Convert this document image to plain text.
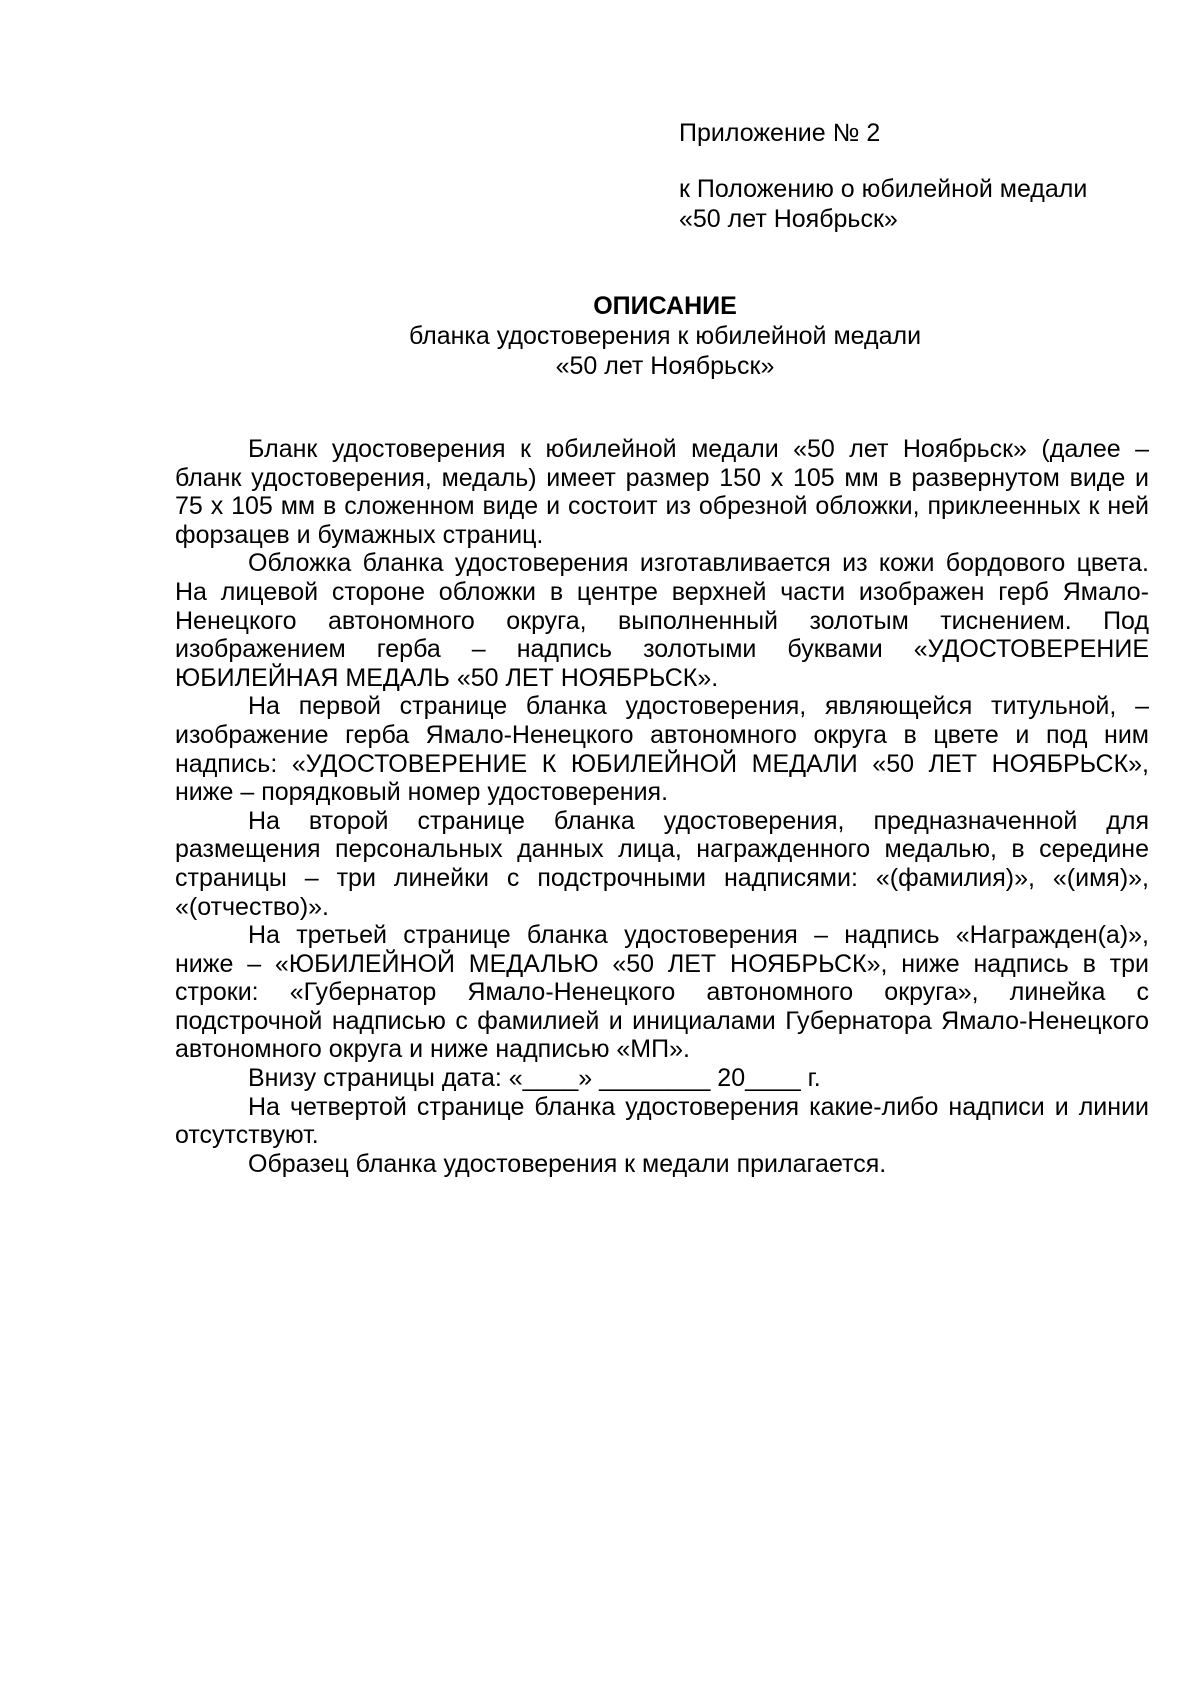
Приложение № 2

к Положению о юбилейной медали

«50 лет Ноябрьск»

ОПИСАНИЕ

бланка удостоверения к юбилейной медали

«50 лет Ноябрьск»

Бланк удостоверения к юбилейной медали «50 лет Ноябрьск» (далее – бланк удостоверения, медаль) имеет размер 150 х 105 мм в развернутом виде и 75 х 105 мм в сложенном виде и состоит из обрезной обложки, приклеенных к ней форзацев и бумажных страниц.

Обложка бланка удостоверения изготавливается из кожи бордового цвета. На лицевой стороне обложки в центре верхней части изображен герб Ямало-Ненецкого автономного округа, выполненный золотым тиснением. Под изображением герба – надпись золотыми буквами «УДОСТОВЕРЕНИЕ ЮБИЛЕЙНАЯ МЕДАЛЬ «50 ЛЕТ НОЯБРЬСК».

На первой странице бланка удостоверения, являющейся титульной, – изображение герба Ямало-Ненецкого автономного округа в цвете и под ним надпись: «УДОСТОВЕРЕНИЕ К ЮБИЛЕЙНОЙ МЕДАЛИ «50 ЛЕТ НОЯБРЬСК», ниже – порядковый номер удостоверения.

На второй странице бланка удостоверения, предназначенной для размещения персональных данных лица, награжденного медалью, в середине страницы – три линейки с подстрочными надписями: «(фамилия)», «(имя)», «(отчество)».

На третьей странице бланка удостоверения – надпись «Награжден(а)», ниже – «ЮБИЛЕЙНОЙ МЕДАЛЬЮ «50 ЛЕТ НОЯБРЬСК», ниже надпись в три строки: «Губернатор Ямало-Ненецкого автономного округа», линейка с подстрочной надписью с фамилией и инициалами Губернатора Ямало-Ненецкого автономного округа и ниже надписью «МП».

Внизу страницы дата: «____» ________ 20____ г.

На четвертой странице бланка удостоверения какие-либо надписи и линии отсутствуют.

Образец бланка удостоверения к медали прилагается.
